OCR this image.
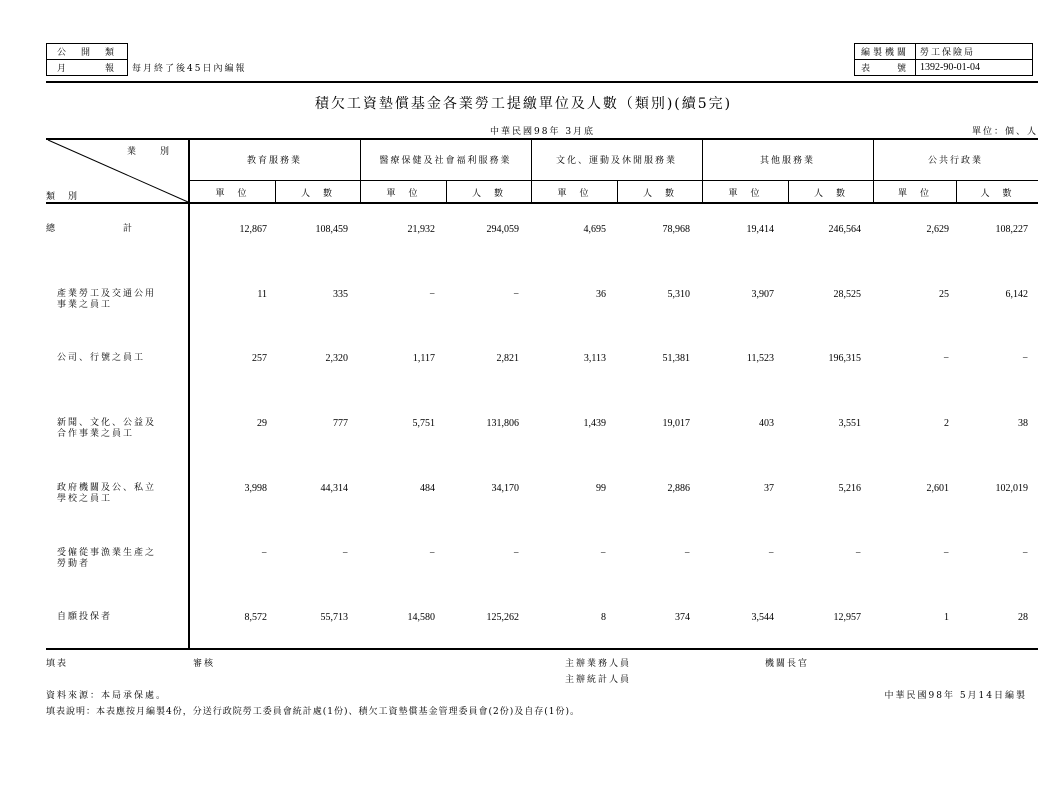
公　開　類	
月　　　報	每月終了後45日內編報
編製機關	勞工保險局
表　　號	1392-90-01-04
積欠工資墊償基金各業勞工提繳單位及人數（類別)(續5完)
中華民國98年 3月底	單位：個、人
業　　別
類　別
教育服務業
單　位	人　數
醫療保健及社會福利服務業
單　位	人　數
文化、運動及休閒服務業
單　位	人　數
其他服務業
單　位	人　數
公共行政業
單　位	人　數
總　　　　　　計	12,867	108,459	21,932	294,059	4,695	78,968	19,414	246,564	2,629	108,227
產業勞工及交通公用
事業之員工
11	335	−	−	36	5,310	3,907	28,525	25	6,142
公司、行號之員工	257	2,320	1,117	2,821	3,113	51,381	11,523	196,315	−	−
新聞、文化、公益及
合作事業之員工
29	777	5,751	131,806	1,439	19,017	403	3,551	2	38
政府機關及公、私立
學校之員工
3,998	44,314	484	34,170	99	2,886	37	5,216	2,601	102,019
受僱從事漁業生產之
勞動者
−	−	−	−	−	−	−	−	−	−
自願投保者	8,572	55,713	14,580	125,262	8	374	3,544	12,957	1	28
填表	審核	主辦業務人員
主辦統計人員
機關長官
資料來源：本局承保處。	中華民國98年 5月14日編製
填表說明：本表應按月編製4份，分送行政院勞工委員會統計處(1份)、積欠工資墊償基金管理委員會(2份)及自存(1份)。
